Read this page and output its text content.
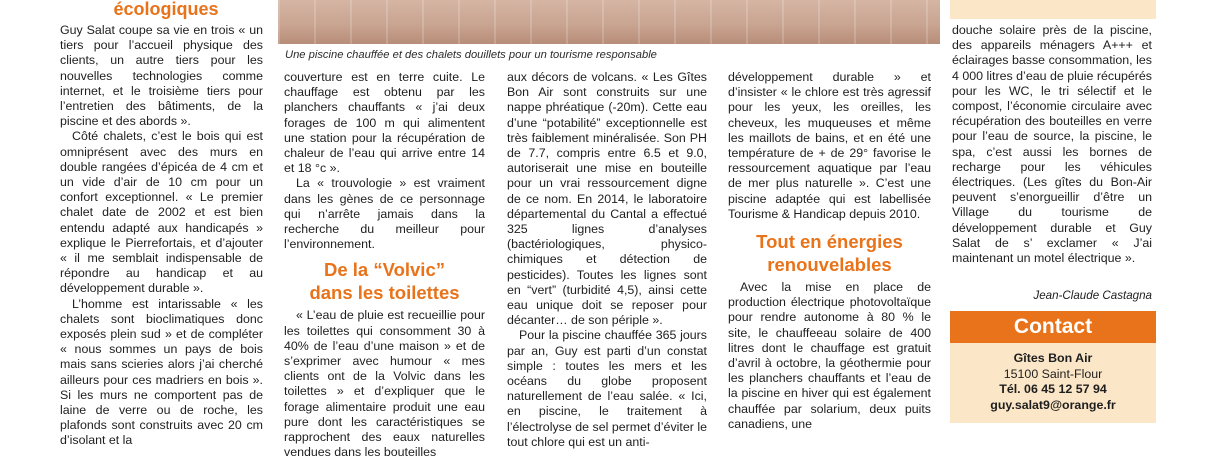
écologiques

Guy Salat coupe sa vie en trois « un tiers pour l’accueil physique des clients, un autre tiers pour les nouvelles technologies comme internet, et le troisième tiers pour l’entretien des bâtiments, de la piscine et des abords ».

Côté chalets, c’est le bois qui est omniprésent avec des murs en double rangées d’épicéa de 4 cm et un vide d’air de 10 cm pour un confort exceptionnel. « Le premier chalet date de 2002 et est bien entendu adapté aux handicapés » explique le Pierrefortais, et d’ajouter « il me semblait indispensable de répondre au handicap et au développement durable ».

L’homme est intarissable « les chalets sont bioclimatiques donc exposés plein sud » et de compléter « nous sommes un pays de bois mais sans scieries alors j’ai cherché ailleurs pour ces madriers en bois ». Si les murs ne comportent pas de laine de verre ou de roche, les plafonds sont construits avec 20 cm d’isolant et la

Une piscine chauffée et des chalets douillets pour un tourisme responsable

couverture est en terre cuite. Le chauffage est obtenu par les planchers chauffants « j’ai deux forages de 100 m qui alimentent une station pour la récupération de chaleur de l’eau qui arrive entre 14 et 18 °c ».

La « trouvologie » est vraiment dans les gènes de ce personnage qui n’arrête jamais dans la recherche du meilleur pour l’environnement.

De la “Volvic” dans les toilettes

« L’eau de pluie est recueillie pour les toilettes qui consomment 30 à 40% de l’eau d’une maison » et de s’exprimer avec humour « mes clients ont de la Volvic dans les toilettes » et d’expliquer que le forage alimentaire produit une eau pure dont les caractéristiques se rapprochent des eaux naturelles vendues dans les bouteilles

aux décors de volcans. « Les Gîtes Bon Air sont construits sur une nappe phréatique (-20m). Cette eau d’une “potabilité” exceptionnelle est très faiblement minéralisée. Son PH de 7.7, compris entre 6.5 et 9.0, autoriserait une mise en bouteille pour un vrai ressourcement digne de ce nom. En 2014, le laboratoire départemental du Cantal a effectué 325 lignes d’analyses (bactériologiques, physico-chimiques et détection de pesticides). Toutes les lignes sont en “vert” (turbidité 4,5), ainsi cette eau unique doit se reposer pour décanter… de son périple ».

Pour la piscine chauffée 365 jours par an, Guy est parti d’un constat simple : toutes les mers et les océans du globe proposent naturellement de l’eau salée. « Ici, en piscine, le traitement à l’électrolyse de sel permet d’éviter le tout chlore qui est un anti-

développement durable » et d’insister « le chlore est très agressif pour les yeux, les oreilles, les cheveux, les muqueuses et même les maillots de bains, et en été une température de + de 29° favorise le ressourcement aquatique par l’eau de mer plus naturelle ». C’est une piscine adaptée qui est labellisée Tourisme & Handicap depuis 2010.

Tout en énergies renouvelables

Avec la mise en place de production électrique photovoltaïque pour rendre autonome à 80 % le site, le chauffeeau solaire de 400 litres dont le chauffage est gratuit d’avril à octobre, la géothermie pour les planchers chauffants et l’eau de la piscine en hiver qui est également chauffée par solarium, deux puits canadiens, une

douche solaire près de la piscine, des appareils ménagers A+++ et éclairages basse consommation, les 4 000 litres d’eau de pluie récupérés pour les WC, le tri sélectif et le compost, l’économie circulaire avec récupération des bouteilles en verre pour l’eau de source, la piscine, le spa, c’est aussi les bornes de recharge pour les véhicules électriques. (Les gîtes du Bon-Air peuvent s’enorgueillir d’être un Village du tourisme de développement durable et Guy Salat de s’ exclamer « J’ai maintenant un motel électrique ».

Jean-Claude Castagna
Contact
Gîtes Bon Air
15100 Saint-Flour
Tél. 06 45 12 57 94
guy.salat9@orange.fr
